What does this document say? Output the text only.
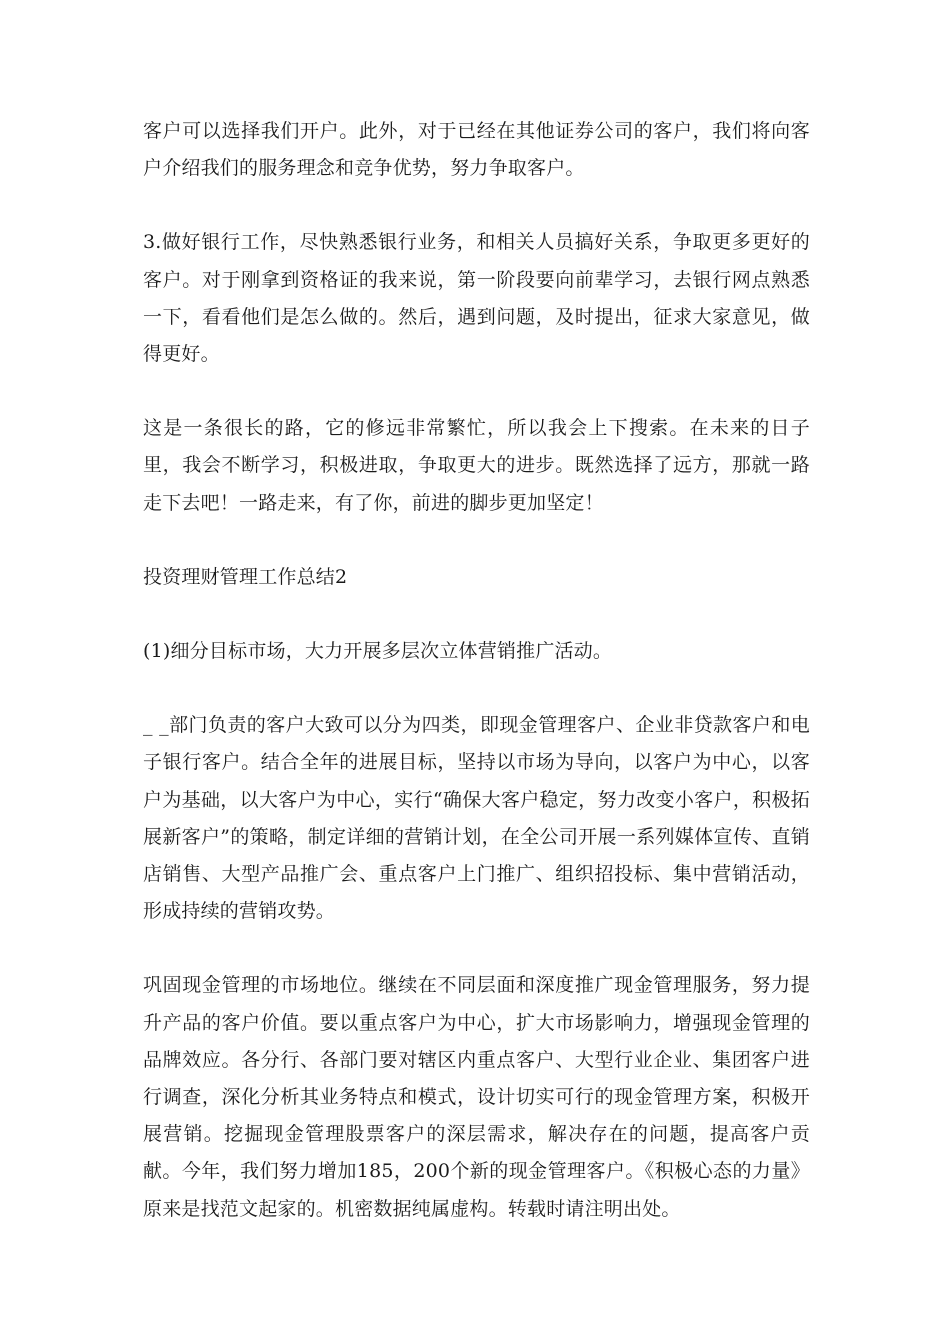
客户可以选择我们开户。此外，对于已经在其他证券公司的客户，我们将向客户介绍我们的服务理念和竞争优势，努力争取客户。

3.做好银行工作，尽快熟悉银行业务，和相关人员搞好关系，争取更多更好的客户。对于刚拿到资格证的我来说，第一阶段要向前辈学习，去银行网点熟悉一下，看看他们是怎么做的。然后，遇到问题，及时提出，征求大家意见，做得更好。

这是一条很长的路，它的修远非常繁忙，所以我会上下搜索。在未来的日子里，我会不断学习，积极进取，争取更大的进步。既然选择了远方，那就一路走下去吧！一路走来，有了你，前进的脚步更加坚定！

投资理财管理工作总结2

(1)细分目标市场，大力开展多层次立体营销推广活动。

_ _部门负责的客户大致可以分为四类，即现金管理客户、企业非贷款客户和电子银行客户。结合全年的进展目标，坚持以市场为导向，以客户为中心，以客户为基础，以大客户为中心，实行“确保大客户稳定，努力改变小客户，积极拓展新客户”的策略，制定详细的营销计划，在全公司开展一系列媒体宣传、直销店销售、大型产品推广会、重点客户上门推广、组织招投标、集中营销活动，形成持续的营销攻势。

巩固现金管理的市场地位。继续在不同层面和深度推广现金管理服务，努力提升产品的客户价值。要以重点客户为中心，扩大市场影响力，增强现金管理的品牌效应。各分行、各部门要对辖区内重点客户、大型行业企业、集团客户进行调查，深化分析其业务特点和模式，设计切实可行的现金管理方案，积极开展营销。挖掘现金管理股票客户的深层需求，解决存在的问题，提高客户贡献。今年，我们努力增加185，200个新的现金管理客户。《积极心态的力量》原来是找范文起家的。机密数据纯属虚构。转载时请注明出处。
